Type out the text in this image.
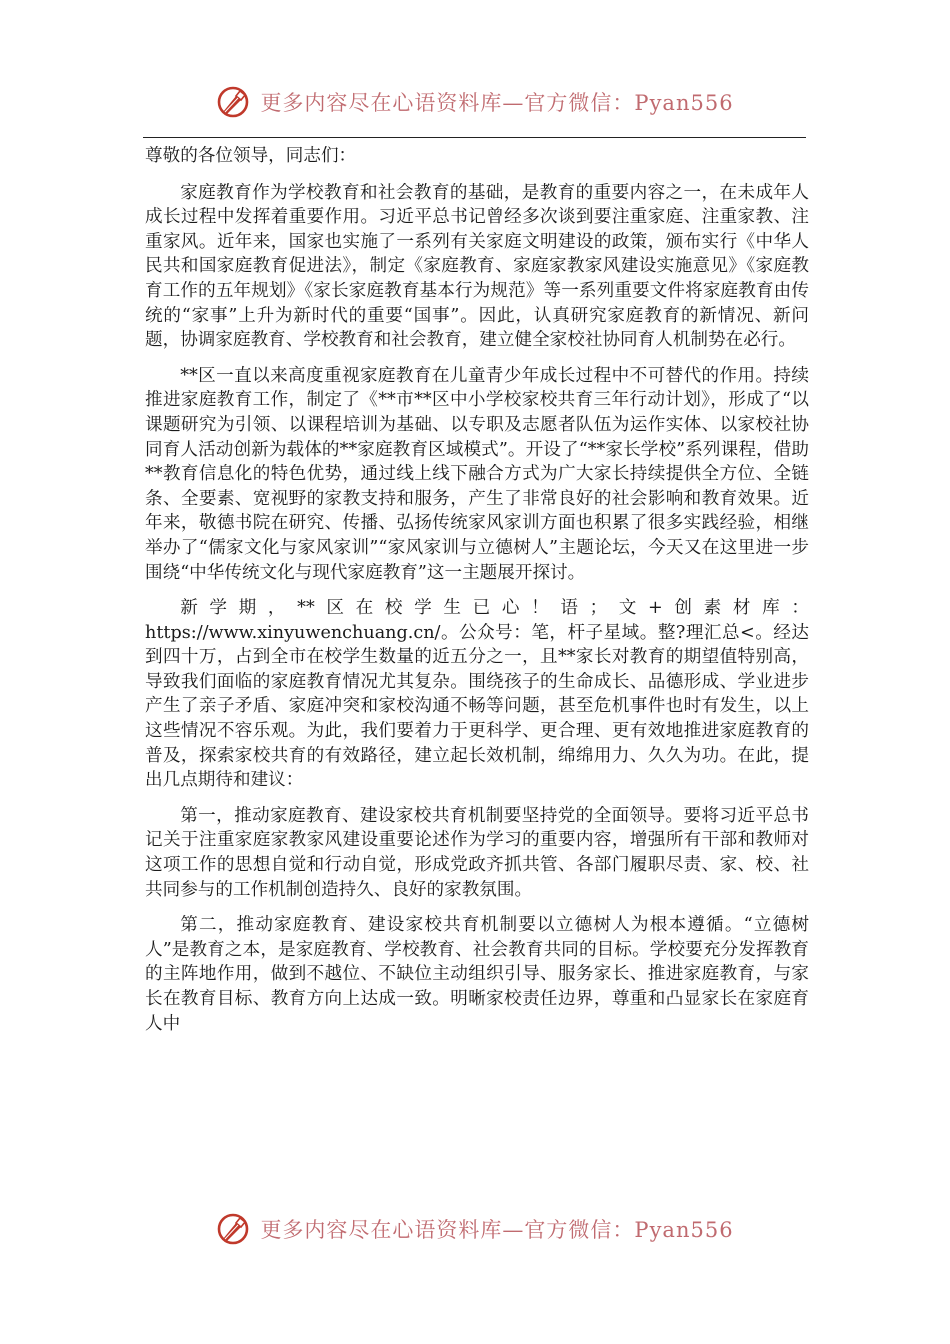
更多内容尽在心语资料库—官方微信：Pyan556

尊敬的各位领导，同志们：

家庭教育作为学校教育和社会教育的基础，是教育的重要内容之一，在未成年人成长过程中发挥着重要作用。习近平总书记曾经多次谈到要注重家庭、注重家教、注重家风。近年来，国家也实施了一系列有关家庭文明建设的政策，颁布实行《中华人民共和国家庭教育促进法》，制定《家庭教育、家庭家教家风建设实施意见》《家庭教育工作的五年规划》《家长家庭教育基本行为规范》等一系列重要文件将家庭教育由传统的“家事”上升为新时代的重要“国事”。因此，认真研究家庭教育的新情况、新问题，协调家庭教育、学校教育和社会教育，建立健全家校社协同育人机制势在必行。

**区一直以来高度重视家庭教育在儿童青少年成长过程中不可替代的作用。持续推进家庭教育工作，制定了《**市**区中小学校家校共育三年行动计划》，形成了“以课题研究为引领、以课程培训为基础、以专职及志愿者队伍为运作实体、以家校社协同育人活动创新为载体的**家庭教育区域模式”。开设了“**家长学校”系列课程，借助**教育信息化的特色优势，通过线上线下融合方式为广大家长持续提供全方位、全链条、全要素、宽视野的家教支持和服务，产生了非常良好的社会影响和教育效果。近年来，敬德书院在研究、传播、弘扬传统家风家训方面也积累了很多实践经验，相继举办了“儒家文化与家风家训”“家风家训与立德树人”主题论坛，今天又在这里进一步围绕“中华传统文化与现代家庭教育”这一主题展开探讨。

新学期，**区在校学生已心！语；文+创素材库：https://www.xinyuwenchuang.cn/。公众号：笔，杆子星域。整?理汇总<。经达到四十万，占到全市在校学生数量的近五分之一，且**家长对教育的期望值特别高，导致我们面临的家庭教育情况尤其复杂。围绕孩子的生命成长、品德形成、学业进步产生了亲子矛盾、家庭冲突和家校沟通不畅等问题，甚至危机事件也时有发生，以上这些情况不容乐观。为此，我们要着力于更科学、更合理、更有效地推进家庭教育的普及，探索家校共育的有效路径，建立起长效机制，绵绵用力、久久为功。在此，提出几点期待和建议：

第一，推动家庭教育、建设家校共育机制要坚持党的全面领导。要将习近平总书记关于注重家庭家教家风建设重要论述作为学习的重要内容，增强所有干部和教师对这项工作的思想自觉和行动自觉，形成党政齐抓共管、各部门履职尽责、家、校、社共同参与的工作机制创造持久、良好的家教氛围。

第二，推动家庭教育、建设家校共育机制要以立德树人为根本遵循。“立德树人”是教育之本，是家庭教育、学校教育、社会教育共同的目标。学校要充分发挥教育的主阵地作用，做到不越位、不缺位主动组织引导、服务家长、推进家庭教育，与家长在教育目标、教育方向上达成一致。明晰家校责任边界，尊重和凸显家长在家庭育人中

更多内容尽在心语资料库—官方微信：Pyan556
